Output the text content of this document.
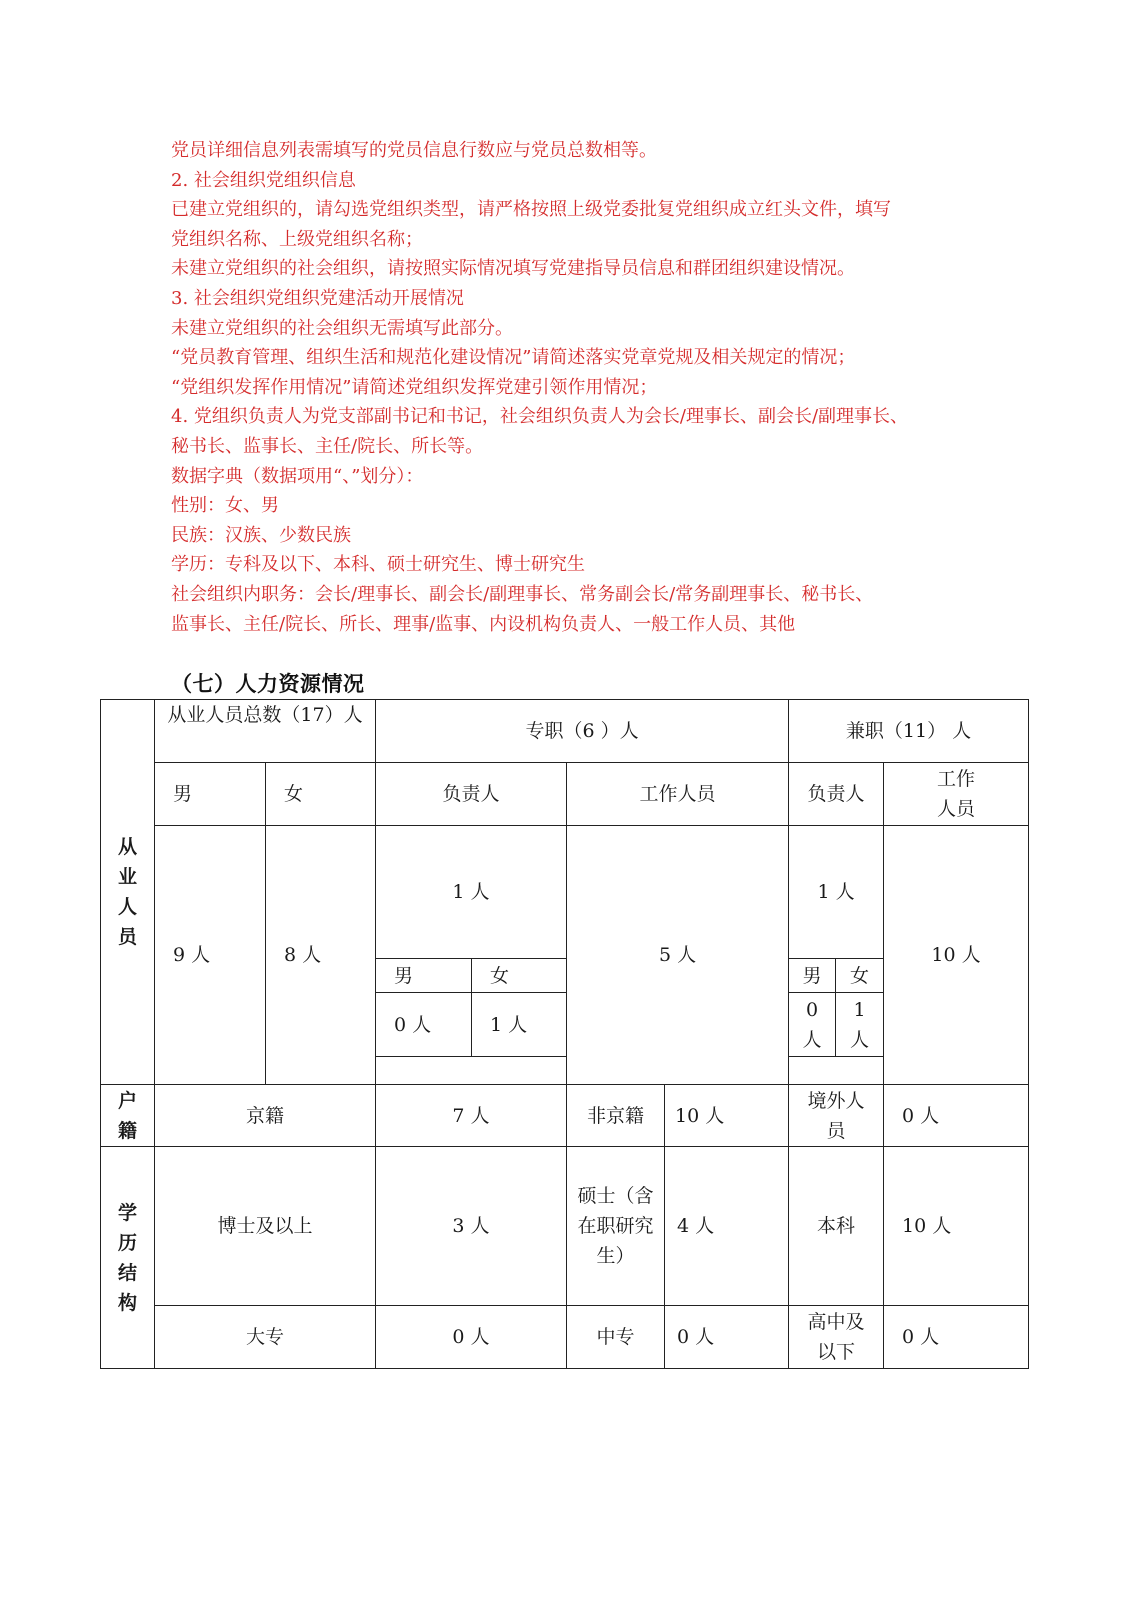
党员详细信息列表需填写的党员信息行数应与党员总数相等。
2. 社会组织党组织信息
已建立党组织的，请勾选党组织类型，请严格按照上级党委批复党组织成立红头文件，填写
党组织名称、上级党组织名称；
未建立党组织的社会组织，请按照实际情况填写党建指导员信息和群团组织建设情况。
3. 社会组织党组织党建活动开展情况
未建立党组织的社会组织无需填写此部分。
“党员教育管理、组织生活和规范化建设情况”请简述落实党章党规及相关规定的情况；
“党组织发挥作用情况”请简述党组织发挥党建引领作用情况；
4. 党组织负责人为党支部副书记和书记，社会组织负责人为会长/理事长、副会长/副理事长、
秘书长、监事长、主任/院长、所长等。
数据字典（数据项用“、”划分）：
性别：女、男
民族：汉族、少数民族
学历：专科及以下、本科、硕士研究生、博士研究生
社会组织内职务：会长/理事长、副会长/副理事长、常务副会长/常务副理事长、秘书长、
监事长、主任/院长、所长、理事/监事、内设机构负责人、一般工作人员、其他
（七）人力资源情况
从业人员	从业人员总数（17）人		专职（6 ）人				兼职（11） 人		
	男	女	负责人		工作人员		负责人		工作人员
	9 人	8 人	1 人		5 人		1 人		10 人
			男	女			男	女	
			0 人	1 人			0 人	1 人	

户籍	京籍		7 人		非京籍	10 人	境外人员		0 人
学历结构	博士及以上		3 人		硕士（含在职研究生）	4 人	本科		10 人
	大专		0 人		中专	0 人	高中及以下		0 人
